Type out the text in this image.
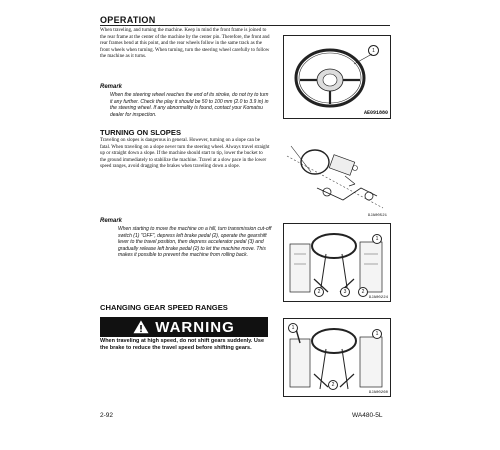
OPERATION
When traveling, and turning the machine. Keep in mind the front frame is joined to the rear frame at the center of the machine by the center pin. Therefore, the front and rear frames bend at this point, and the rear wheels follow in the same track as the front wheels when turning. When turning, turn the steering wheel carefully to follow the machine as it turns.
Remark
When the steering wheel reaches the end of its stroke, do not try to turn it any further. Check the play it should be 50 to 100 mm (2.0 to 3.9 in) in the steering wheel. If any abnormality is found, contact your Komatsu dealer for inspection.
1
AE091880
TURNING ON SLOPES
Traveling on slopes is dangerous in general. However, turning on a slope can be fatal. When traveling on a slope never turn the steering wheel. Always travel straight up or straight down a slope. If the machine should start to tip, lower the bucket to the ground immediately to stabilize the machine. Travel at a slow pace in the lower speed ranges, avoid dragging the brakes when traveling down a slope.
9JA00521
Remark
When starting to move the machine on a hill, turn transmission cut-off switch (1) "OFF", depress left brake pedal (2), operate the gearshift lever to the travel position, then depress accelerator pedal (3) and gradually release left brake pedal (2) to let the machine move. This makes it possible to prevent the machine from rolling back.
1
2	3	2
9JA00224
CHANGING GEAR SPEED RANGES
WARNING
When traveling at high speed, do not shift gears suddenly. Use the brake to reduce the travel speed before shifting gears.
1
2
1
9JA00260
2-92	WA480-5L
